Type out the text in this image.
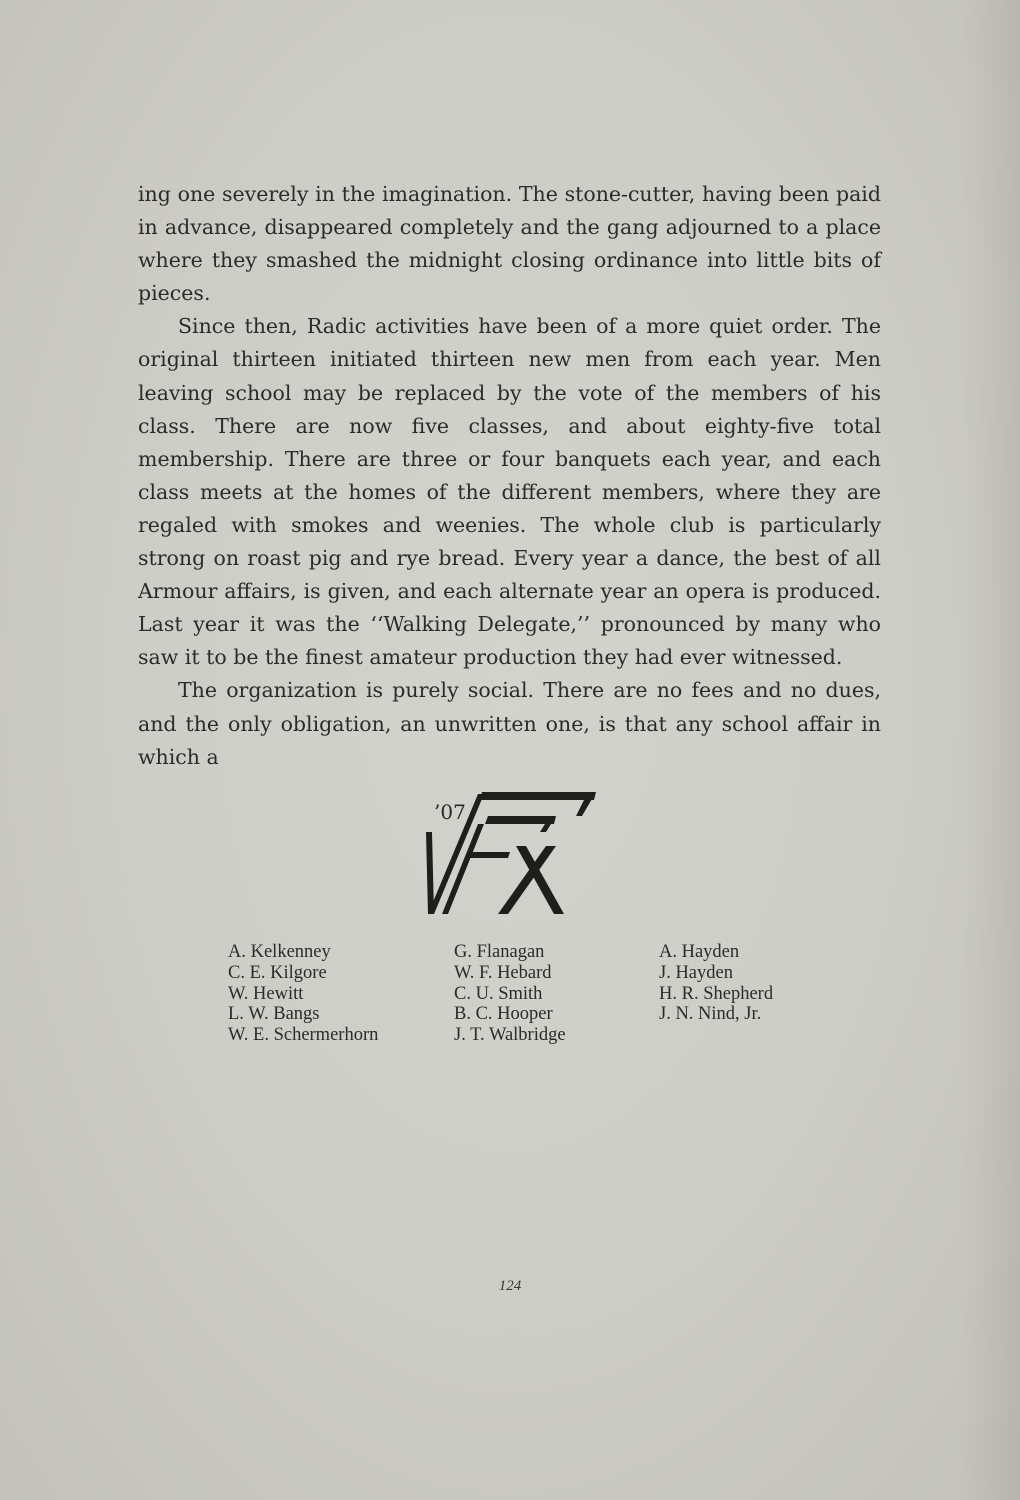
ing one severely in the imagination. The stone-cutter, having been paid in advance, disappeared completely and the gang adjourned to a place where they smashed the midnight closing ordinance into little bits of pieces.

Since then, Radic activities have been of a more quiet order. The original thirteen initiated thirteen new men from each year. Men leaving school may be replaced by the vote of the members of his class. There are now five classes, and about eighty-five total membership. There are three or four banquets each year, and each class meets at the homes of the different members, where they are regaled with smokes and weenies. The whole club is particularly strong on roast pig and rye bread. Every year a dance, the best of all Armour affairs, is given, and each alternate year an opera is produced. Last year it was the ‘‘Walking Delegate,’’ pronounced by many who saw it to be the finest amateur production they had ever witnessed.

The organization is purely social. There are no fees and no dues, and the only obligation, an unwritten one, is that any school affair in which a

’07
A. Kelkenney
C. E. Kilgore
W. Hewitt
L. W. Bangs
W. E. Schermerhorn
G. Flanagan
W. F. Hebard
C. U. Smith
B. C. Hooper
J. T. Walbridge
A. Hayden
J. Hayden
H. R. Shepherd
J. N. Nind, Jr.
124
